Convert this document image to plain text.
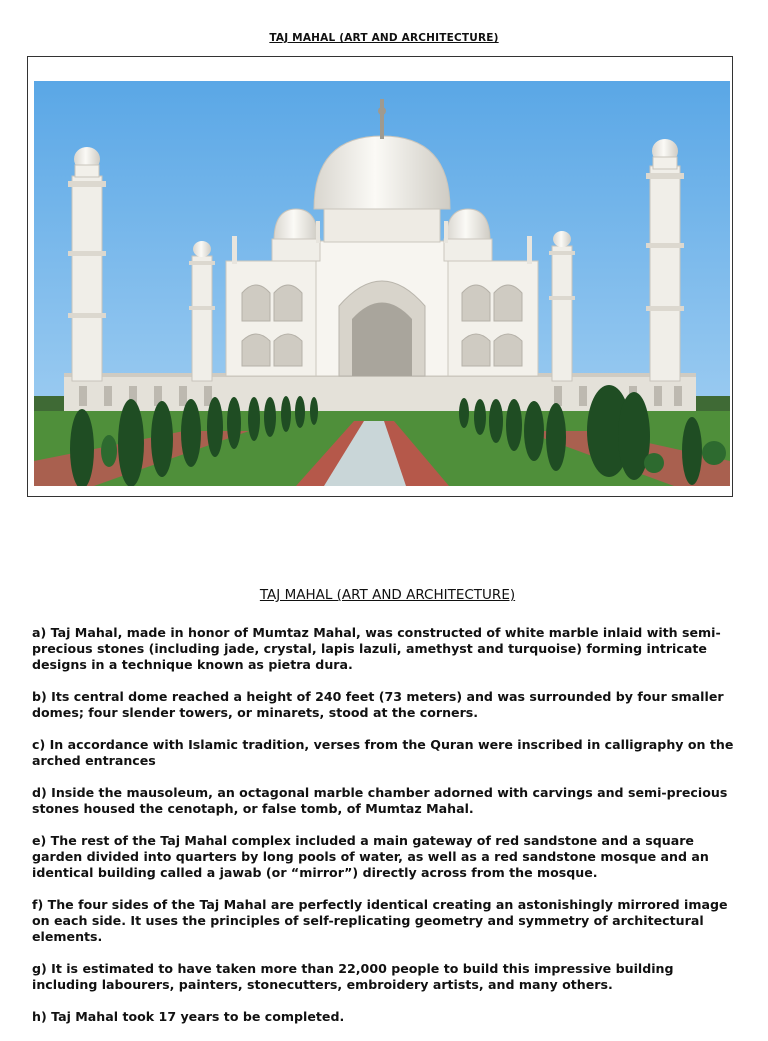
TAJ MAHAL (ART AND ARCHITECTURE)
TAJ MAHAL (ART AND ARCHITECTURE)

a) Taj Mahal, made in honor of Mumtaz Mahal, was constructed of white marble inlaid with semi-precious stones (including jade, crystal, lapis lazuli, amethyst and turquoise) forming intricate designs in a technique known as pietra dura.

b) Its central dome reached a height of 240 feet (73 meters) and was surrounded by four smaller domes; four slender towers, or minarets, stood at the corners.

c) In accordance with Islamic tradition, verses from the Quran were inscribed in calligraphy on the arched entrances

d) Inside the mausoleum, an octagonal marble chamber adorned with carvings and semi-precious stones housed the cenotaph, or false tomb, of Mumtaz Mahal.

e) The rest of the Taj Mahal complex included a main gateway of red sandstone and a square garden divided into quarters by long pools of water, as well as a red sandstone mosque and an identical building called a jawab (or “mirror”) directly across from the mosque.

f) The four sides of the Taj Mahal are perfectly identical creating an astonishingly mirrored image on each side. It uses the principles of self-replicating geometry and symmetry of architectural elements.

g) It is estimated to have taken more than 22,000 people to build this impressive building including labourers, painters, stonecutters, embroidery artists, and many others.

h) Taj Mahal took 17 years to be completed.
